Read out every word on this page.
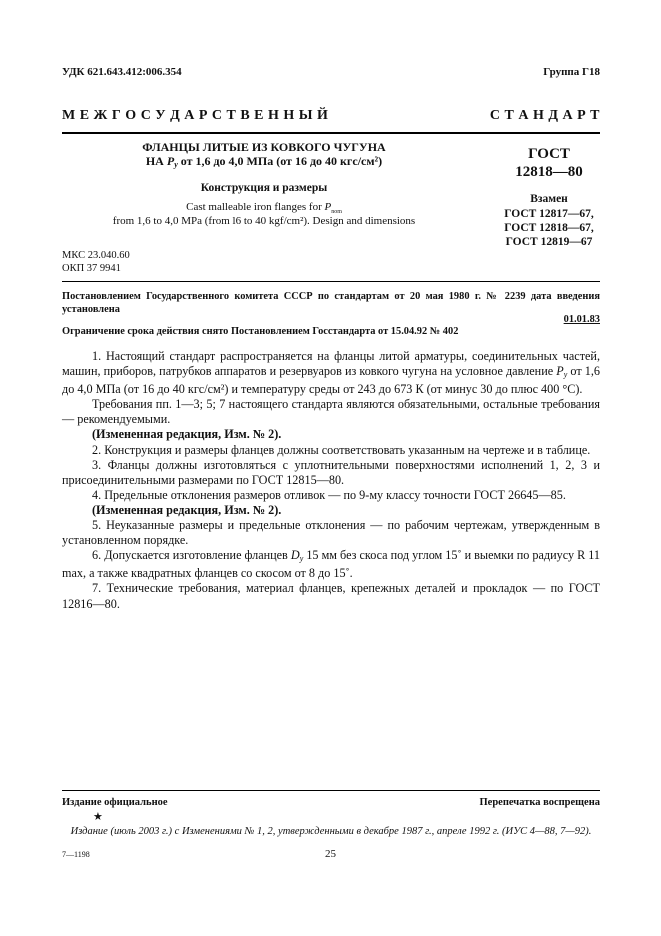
УДК 621.643.412:006.354	Группа Г18
М Е Ж Г О С У Д А Р С Т В Е Н Н Ы Й	С Т А Н Д А Р Т
ФЛАНЦЫ ЛИТЫЕ ИЗ КОВКОГО ЧУГУНА
НА $P_y$ от 1,6 до 4,0 МПа (от 16 до 40 кгс/см²)
Конструкция и размеры
Cast malleable iron flanges for $P_{nom}$
from 1,6 to 4,0 MPa (from l6 to 40 kgf/cm²). Design and dimensions
ГОСТ
12818—80
Взамен
ГОСТ 12817—67,
ГОСТ 12818—67,
ГОСТ 12819—67
МКС 23.040.60
ОКП 37 9941
Постановлением Государственного комитета СССР по стандартам от 20 мая 1980 г. № 2239 дата введения установлена
01.01.83
Ограничение срока действия снято Постановлением Госстандарта от 15.04.92 № 402

1. Настоящий стандарт распространяется на фланцы литой арматуры, соединительных частей, машин, приборов, патрубков аппаратов и резервуаров из ковкого чугуна на условное давление $P_y$ от 1,6 до 4,0 МПа (от 16 до 40 кгс/см²) и температуру среды от 243 до 673 К (от минус 30 до плюс 400 °С).

Требования пп. 1—3; 5; 7 настоящего стандарта являются обязательными, остальные требования — рекомендуемыми.

(Измененная редакция, Изм. № 2).

2. Конструкция и размеры фланцев должны соответствовать указанным на чертеже и в таблице.

3. Фланцы должны изготовляться с уплотнительными поверхностями исполнений 1, 2, 3 и присоединительными размерами по ГОСТ 12815—80.

4. Предельные отклонения размеров отливок — по 9-му классу точности ГОСТ 26645—85.

(Измененная редакция, Изм. № 2).

5. Неуказанные размеры и предельные отклонения — по рабочим чертежам, утвержденным в установленном порядке.

6. Допускается изготовление фланцев $D_y$ 15 мм без скоса под углом 15˚ и выемки по радиусу R 11 max, а также квадратных фланцев со скосом от 8 до 15˚.

7. Технические требования, материал фланцев, крепежных деталей и прокладок — по ГОСТ 12816—80.

Издание официальное
★
Перепечатка воспрещена
Издание (июль 2003 г.) с Изменениями № 1, 2, утвержденными в декабре 1987 г., апреле 1992 г. (ИУС 4—88, 7—92).
7—1198	25
